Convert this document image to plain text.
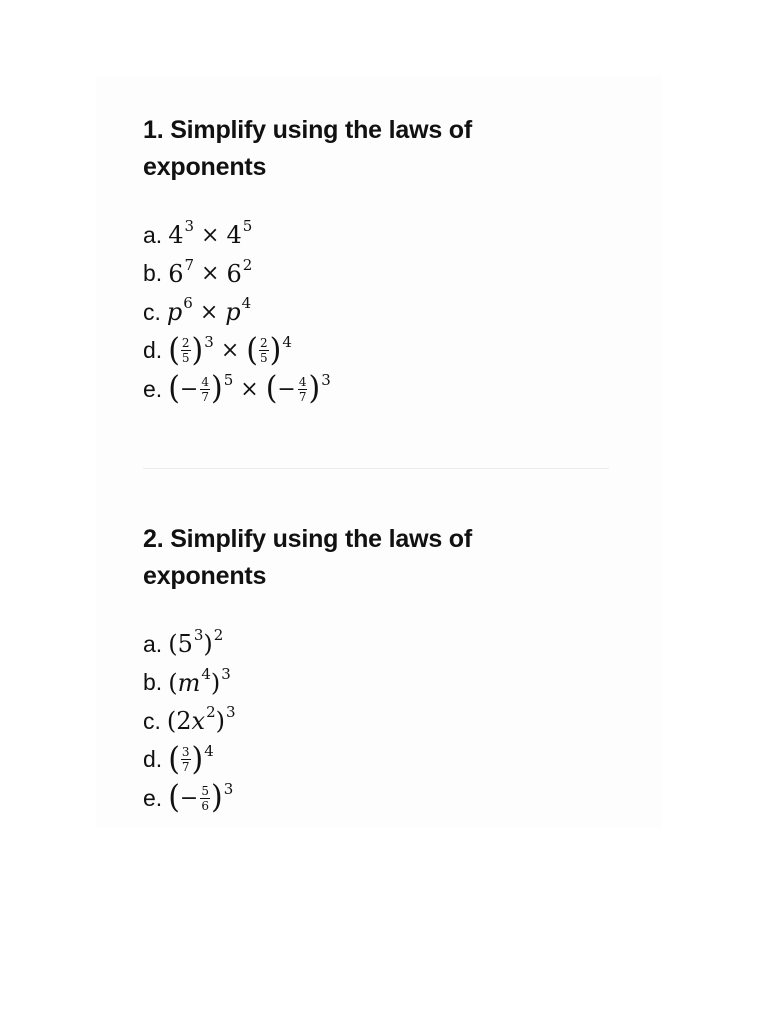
1. Simplify using the laws of exponents
a. $4^3 \times 4^5$
b. $6^7 \times 6^2$
c. $p^6 \times p^4$
d. ( $\frac{2}{5} )^3$ × ( $\frac{2}{5} )^4$
e. ( − $\frac{4}{7} )^5$ × ( − $\frac{4}{7} )^3$
2. Simplify using the laws of exponents
a. ( $5^3$ )$^2$
b. ( $m^4$ )$^3$
c. ( 2 $x^2$ )$^3$
d. ( $\frac{3}{7} )^4$
e. ( − $\frac{5}{6} )^3$
